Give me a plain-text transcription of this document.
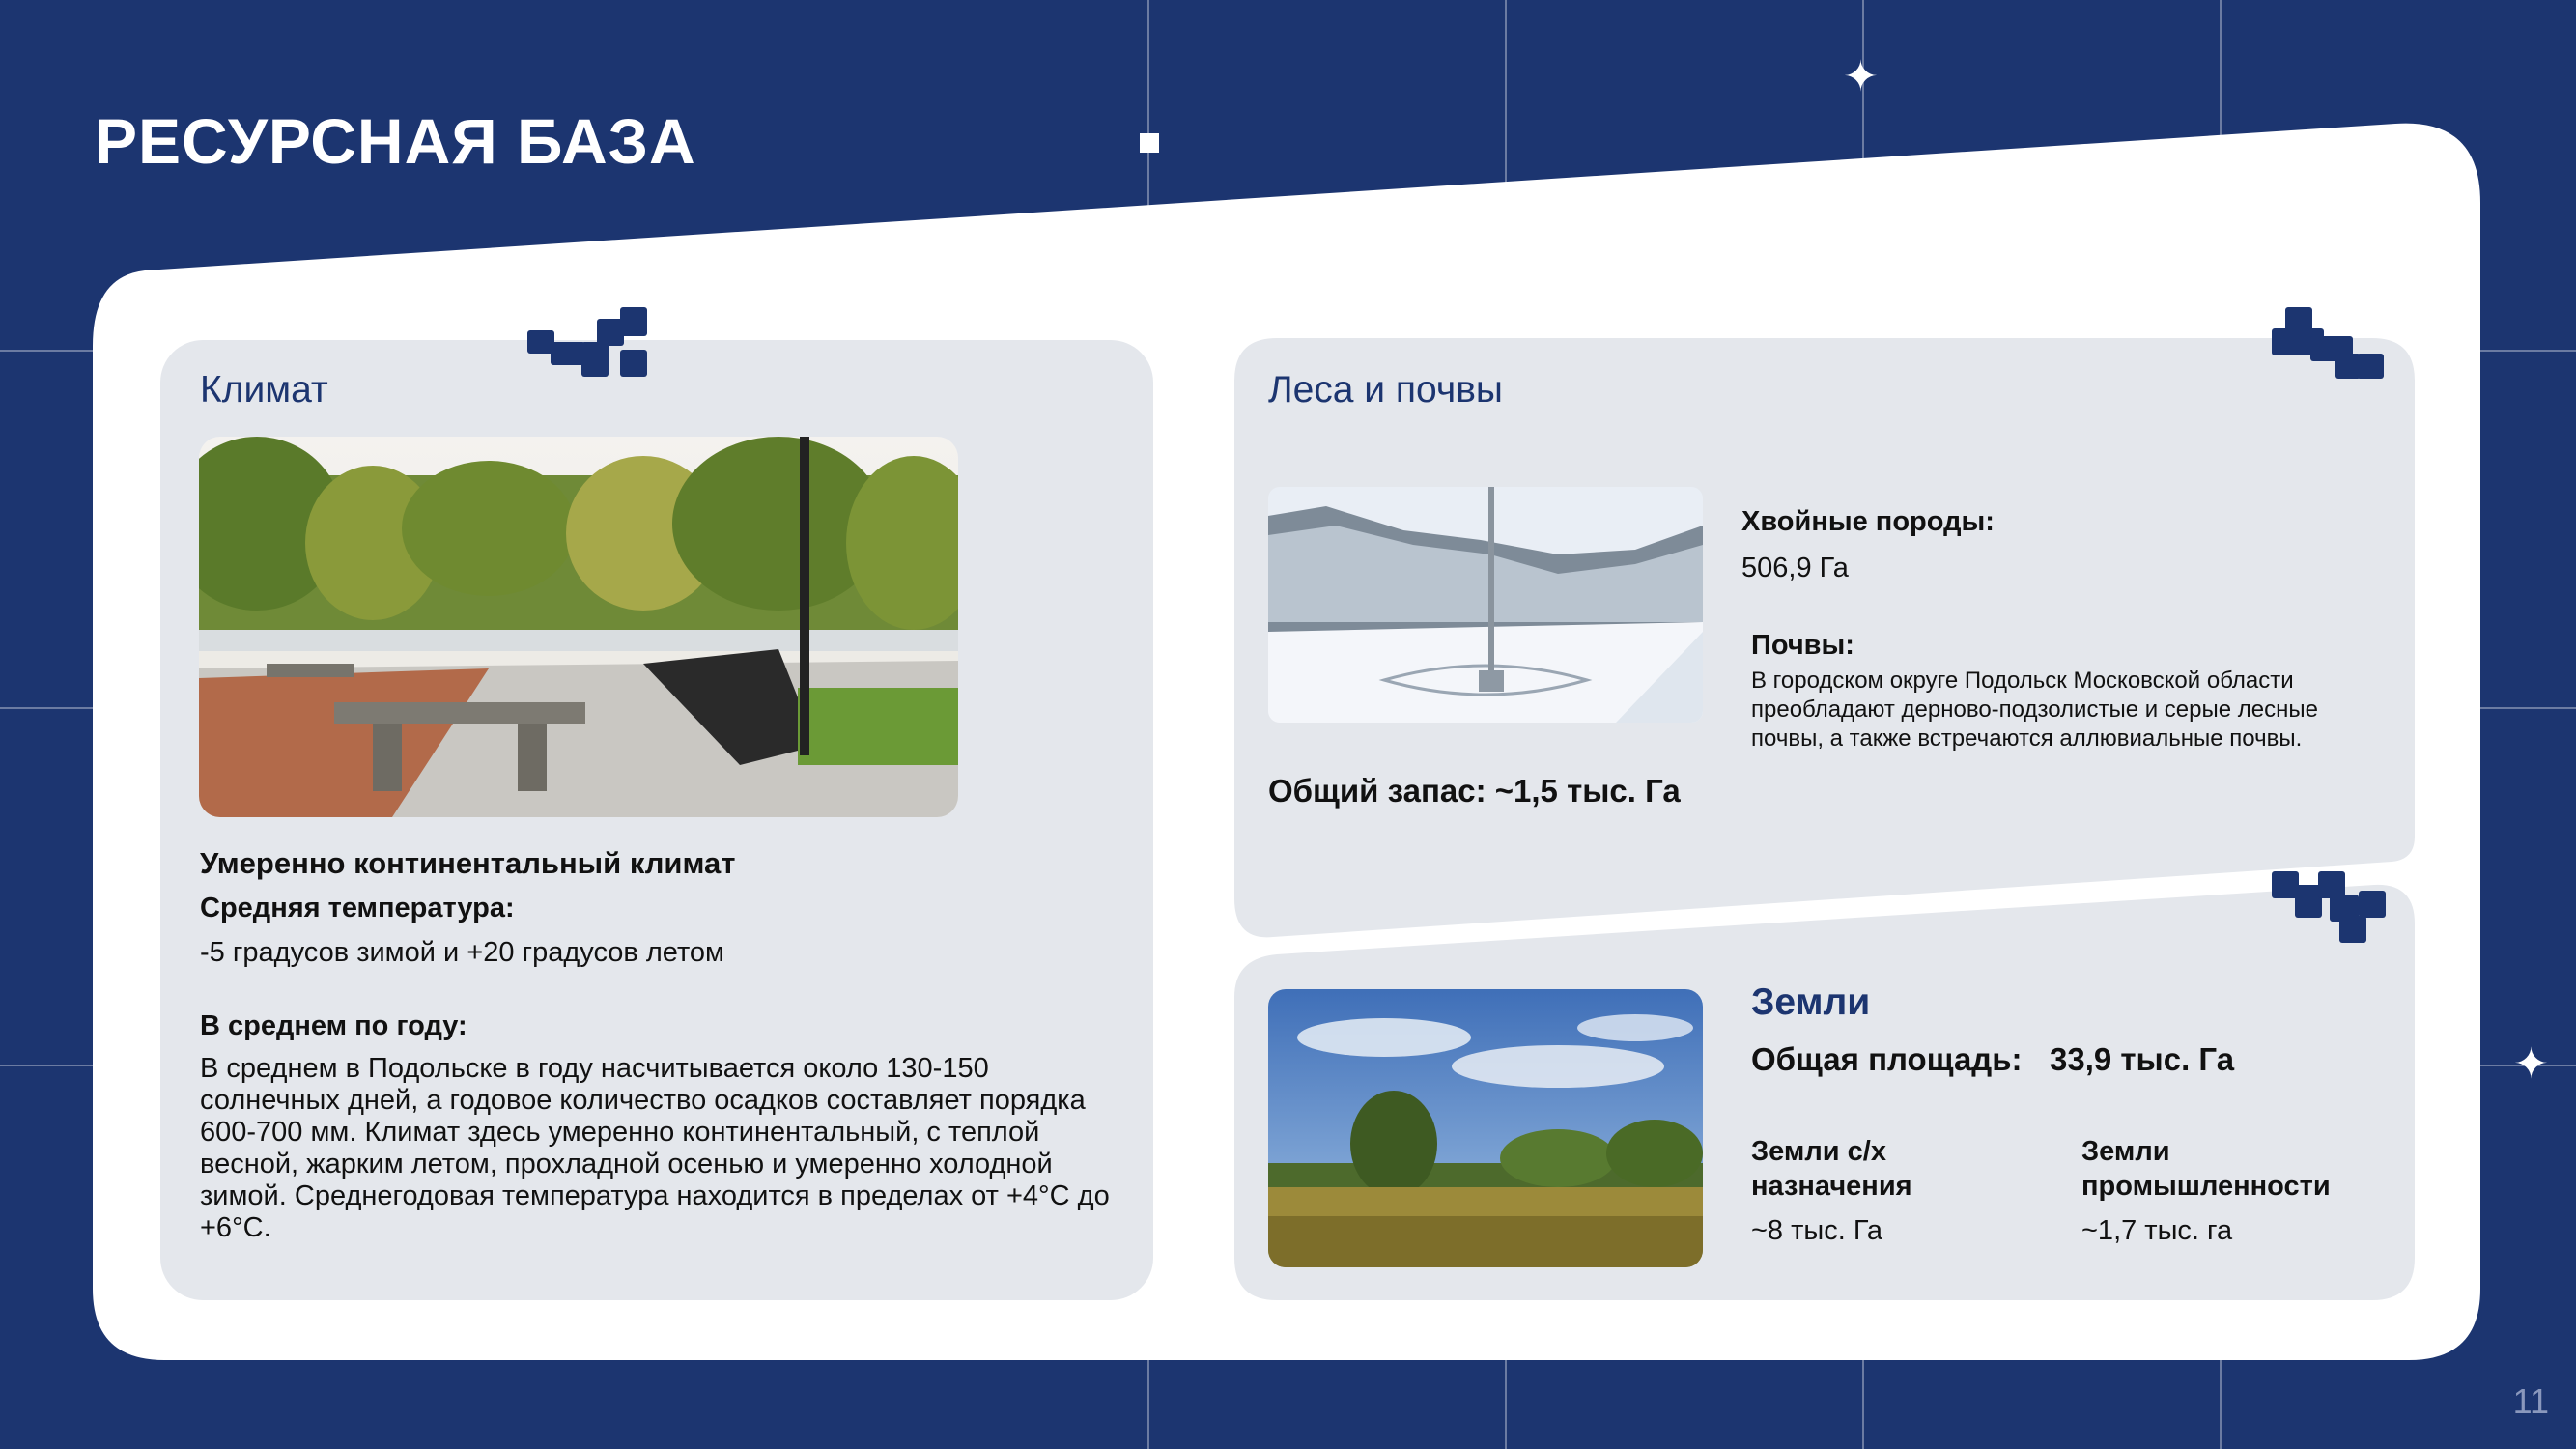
✦
✦
РЕСУРСНАЯ БАЗА
Климат
Умеренно континентальный климат
Средняя температура:
-5 градусов зимой и +20 градусов летом
В среднем по году:
В среднем в Подольске в году насчитывается около 130-150 солнечных дней, а годовое количество осадков составляет порядка 600-700 мм. Климат здесь умеренно континентальный, с теплой весной, жарким летом, прохладной осенью и умеренно холодной зимой. Среднегодовая температура находится в пределах от +4°С до +6°С.
Леса и почвы
Хвойные породы:
506,9 Га
Почвы:
В городском округе Подольск Московской области преобладают дерново-подзолистые и серые лесные почвы, а также встречаются аллювиальные почвы.
Общий запас: ~1,5 тыс. Га
Земли
Общая площадь: 33,9 тыс. Га
Земли с/х назначения
~8 тыс. Га
Земли промышленности
~1,7 тыс. га
11
